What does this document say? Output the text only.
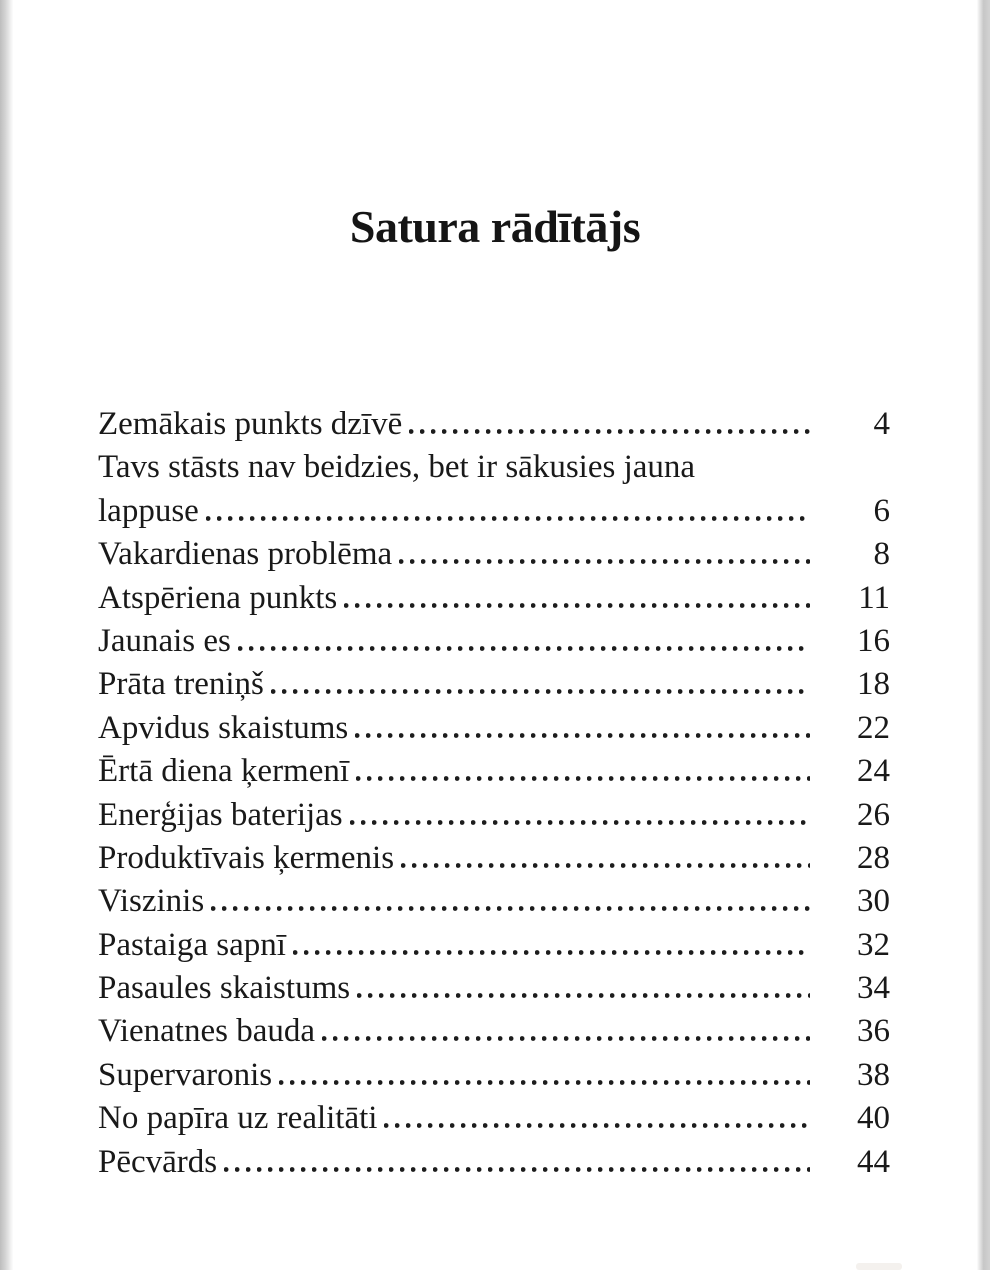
Satura rādītājs
Zemākais punkts dzīvē	4
Tavs stāsts nav beidzies, bet ir sākusies jauna
lappuse	6
Vakardienas problēma	8
Atspēriena punkts	11
Jaunais es	16
Prāta treniņš	18
Apvidus skaistums	22
Ērtā diena ķermenī	24
Enerģijas baterijas	26
Produktīvais ķermenis	28
Viszinis	30
Pastaiga sapnī	32
Pasaules skaistums	34
Vienatnes bauda	36
Supervaronis	38
No papīra uz realitāti	40
Pēcvārds	44
